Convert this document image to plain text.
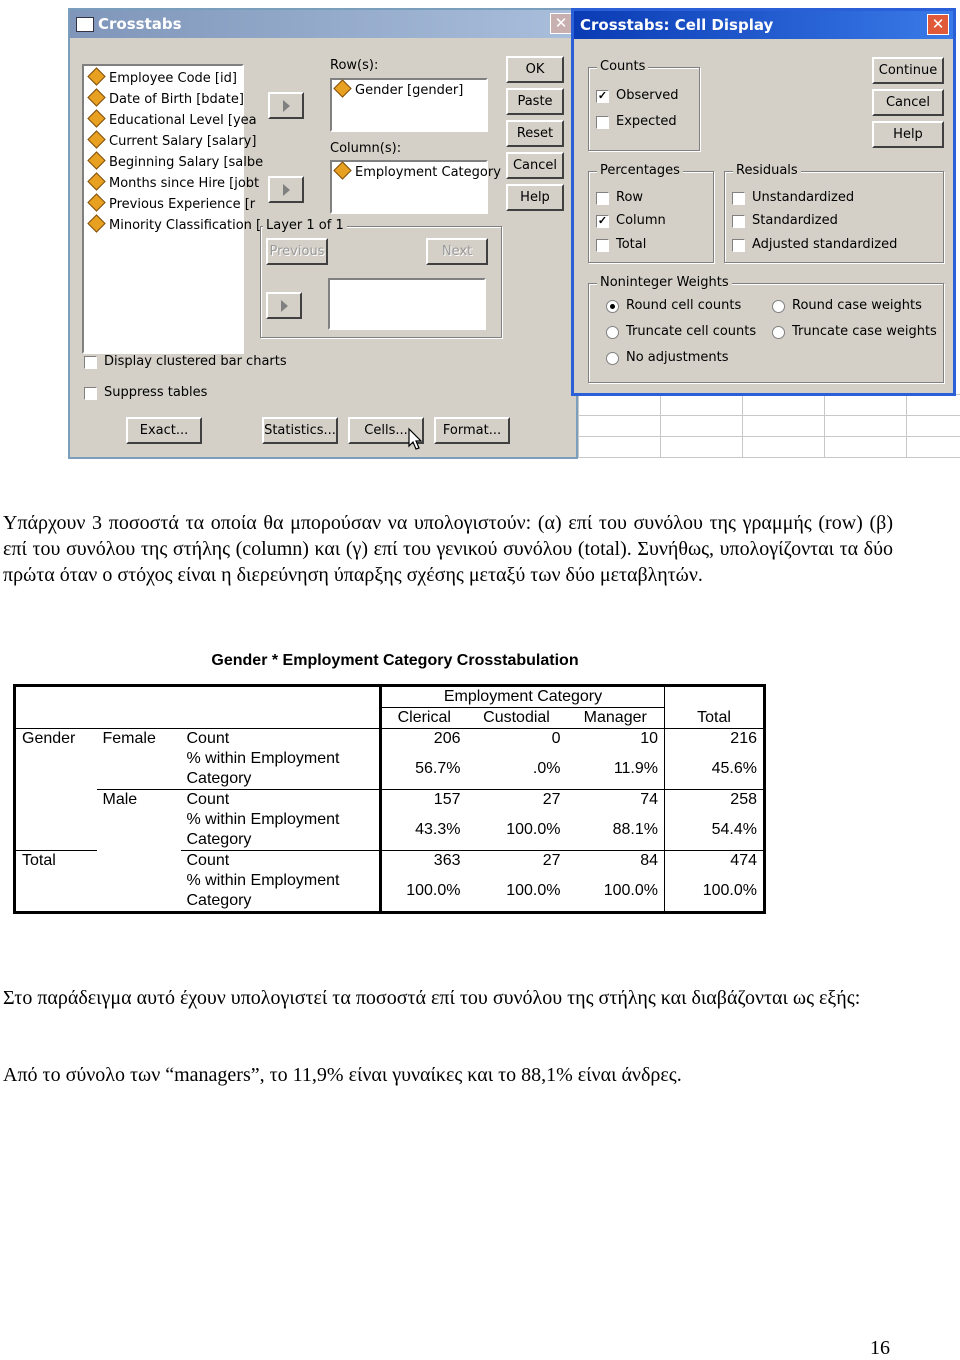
Crosstabs	✕
Employee Code [id]
Date of Birth [bdate]
Educational Level [yea
Current Salary [salary]
Beginning Salary [salbe
Months since Hire [jobt
Previous Experience [r
Minority Classification [
Row(s):
Gender [gender]
Column(s):
Employment Category
Layer 1 of 1
Previous	Next
OK
Paste
Reset
Cancel
Help
Display clustered bar charts
Suppress tables
Exact...	Statistics...	Cells...	Format...
Crosstabs: Cell Display	✕
Counts
✓ Observed
Expected
Continue
Cancel
Help
Percentages
Row
✓ Column
Total
Residuals
Unstandardized
Standardized
Adjusted standardized
Noninteger Weights
Round cell counts	Round case weights
Truncate cell counts	Truncate case weights
No adjustments
Υπάρχουν 3 ποσοστά τα οποία θα μπορούσαν να υπολογιστούν: (α) επί του συνόλου της γραμμής (row) (β) επί του συνόλου της στήλης (column) και (γ) επί του γενικού συνόλου (total). Συνήθως, υπολογίζονται τα δύο πρώτα όταν ο στόχος είναι η διερεύνηση ύπαρξης σχέσης μεταξύ των δύο μεταβλητών.
Gender * Employment Category Crosstabulation
			Employment Category			
			Clerical	Custodial	Manager	Total
Gender	Female	Count	206	0	10	216
		% within Employment Category	56.7%	.0%	11.9%	45.6%
	Male	Count	157	27	74	258
		% within Employment Category	43.3%	100.0%	88.1%	54.4%
Total		Count	363	27	84	474
		% within Employment Category	100.0%	100.0%	100.0%	100.0%
Στο παράδειγμα αυτό έχουν υπολογιστεί τα ποσοστά επί του συνόλου της στήλης και διαβάζονται ως εξής:
Από το σύνολο των “managers”, το 11,9% είναι γυναίκες και το 88,1% είναι άνδρες.
16
